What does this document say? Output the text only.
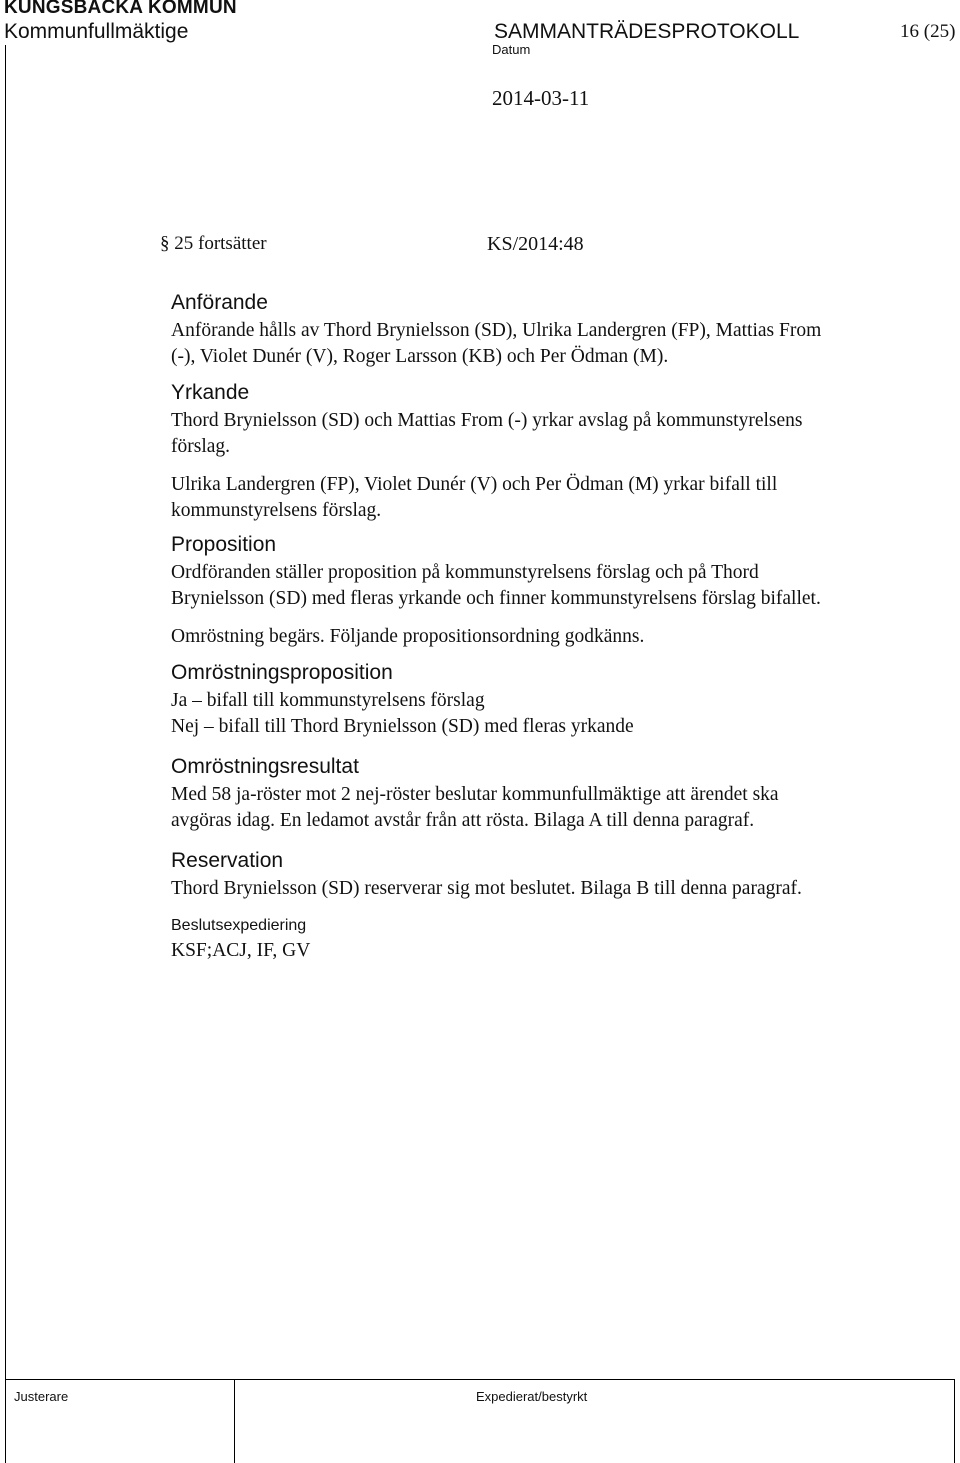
KUNGSBACKA KOMMUN
Kommunfullmäktige	SAMMANTRÄDESPROTOKOLL	16 (25)
Datum
2014-03-11
§ 25 fortsätter	KS/2014:48
Anförande

Anförande hålls av Thord Brynielsson (SD), Ulrika Landergren (FP), Mattias From

(-), Violet Dunér (V), Roger Larsson (KB) och Per Ödman (M).

Yrkande

Thord Brynielsson (SD) och Mattias From (-) yrkar avslag på kommunstyrelsens

förslag.

Ulrika Landergren (FP), Violet Dunér (V) och Per Ödman (M) yrkar bifall till

kommunstyrelsens förslag.

Proposition

Ordföranden ställer proposition på kommunstyrelsens förslag och på Thord

Brynielsson (SD) med fleras yrkande och finner kommunstyrelsens förslag bifallet.

Omröstning begärs. Följande propositionsordning godkänns.

Omröstningsproposition

Ja – bifall till kommunstyrelsens förslag

Nej – bifall till Thord Brynielsson (SD) med fleras yrkande

Omröstningsresultat

Med 58 ja-röster mot 2 nej-röster beslutar kommunfullmäktige att ärendet ska

avgöras idag. En ledamot avstår från att rösta. Bilaga A till denna paragraf.

Reservation

Thord Brynielsson (SD) reserverar sig mot beslutet. Bilaga B till denna paragraf.

Beslutsexpediering

KSF;ACJ, IF, GV

Justerare	Expedierat/bestyrkt
